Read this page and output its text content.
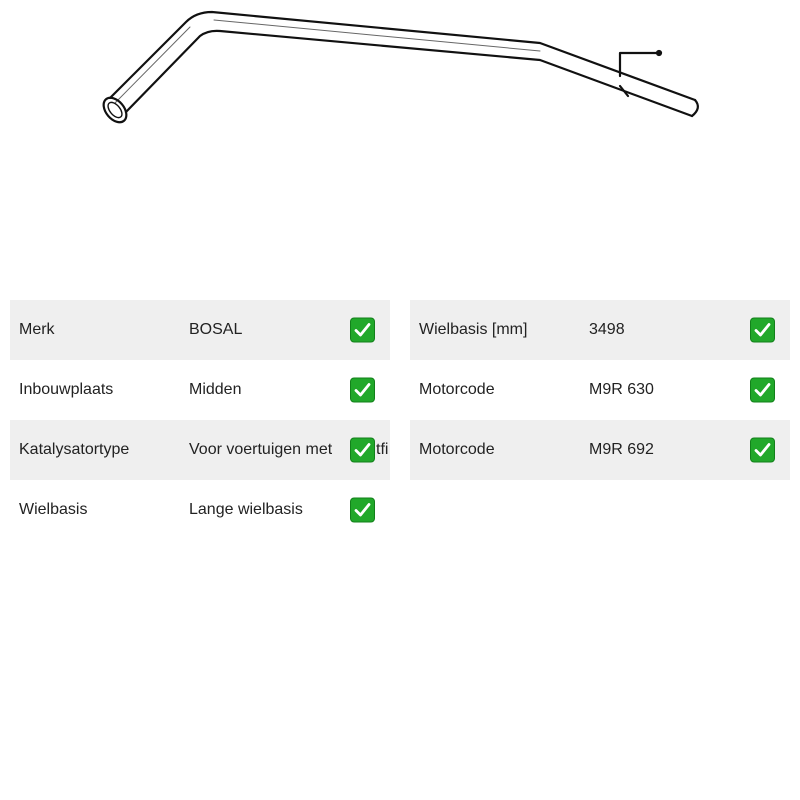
Merk	BOSAL
Inbouwplaats	Midden
Katalysatortype	Voor voertuigen met	tfi
Wielbasis	Lange wielbasis
Wielbasis [mm]	3498
Motorcode	M9R 630
Motorcode	M9R 692
